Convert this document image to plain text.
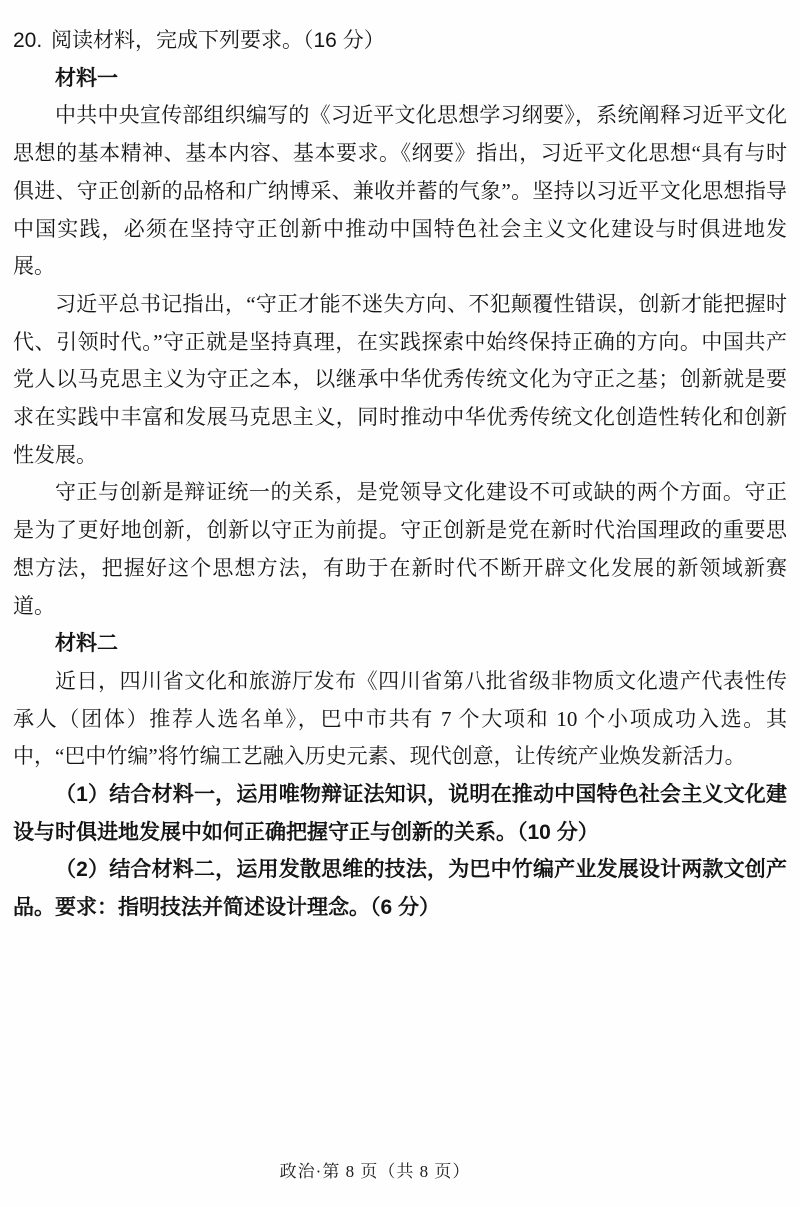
20. 阅读材料，完成下列要求。（16 分）
材料一

中共中央宣传部组织编写的《习近平文化思想学习纲要》，系统阐释习近平文化思想的基本精神、基本内容、基本要求。《纲要》指出，习近平文化思想“具有与时俱进、守正创新的品格和广纳博采、兼收并蓄的气象”。坚持以习近平文化思想指导中国实践，必须在坚持守正创新中推动中国特色社会主义文化建设与时俱进地发展。

习近平总书记指出，“守正才能不迷失方向、不犯颠覆性错误，创新才能把握时代、引领时代。”守正就是坚持真理，在实践探索中始终保持正确的方向。中国共产党人以马克思主义为守正之本，以继承中华优秀传统文化为守正之基；创新就是要求在实践中丰富和发展马克思主义，同时推动中华优秀传统文化创造性转化和创新性发展。

守正与创新是辩证统一的关系，是党领导文化建设不可或缺的两个方面。守正是为了更好地创新，创新以守正为前提。守正创新是党在新时代治国理政的重要思想方法，把握好这个思想方法，有助于在新时代不断开辟文化发展的新领域新赛道。

材料二

近日，四川省文化和旅游厅发布《四川省第八批省级非物质文化遗产代表性传承人（团体）推荐人选名单》，巴中市共有 7 个大项和 10 个小项成功入选。其中，“巴中竹编”将竹编工艺融入历史元素、现代创意，让传统产业焕发新活力。

（1）结合材料一，运用唯物辩证法知识，说明在推动中国特色社会主义文化建设与时俱进地发展中如何正确把握守正与创新的关系。（10 分）

（2）结合材料二，运用发散思维的技法，为巴中竹编产业发展设计两款文创产品。要求：指明技法并简述设计理念。（6 分）

政治·第 8 页（共 8 页）
